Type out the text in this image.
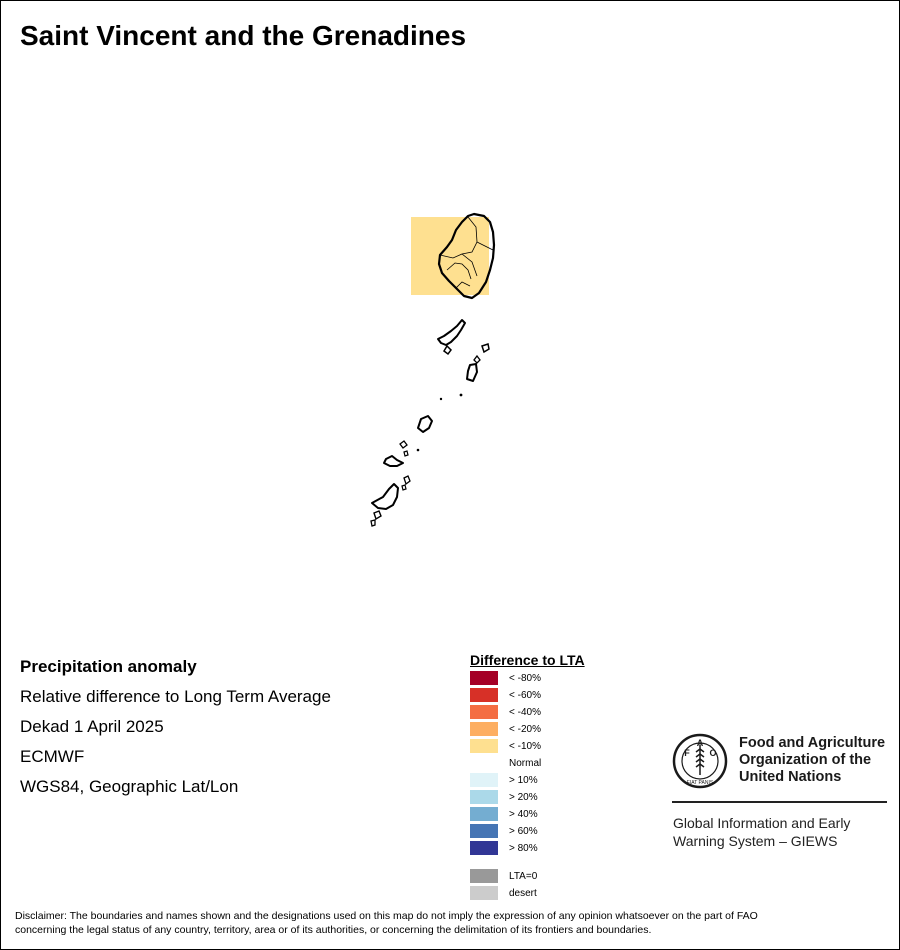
Saint Vincent and the Grenadines
Precipitation anomaly
Relative difference to Long Term Average
Dekad 1 April 2025
ECMWF
WGS84, Geographic Lat/Lon
Difference to LTA
< -80%
< -60%
< -40%
< -20%
< -10%
Normal
> 10%
> 20%
> 40%
> 60%
> 80%
LTA=0
desert
F
A
O
FIAT PANIS
Food and Agriculture
Organization of the
United Nations
Global Information and Early
Warning System – GIEWS
Disclaimer: The boundaries and names shown and the designations used on this map do not imply the expression of any opinion whatsoever on the part of FAO
concerning the legal status of any country, territory, area or of its authorities, or concerning the delimitation of its frontiers and boundaries.
